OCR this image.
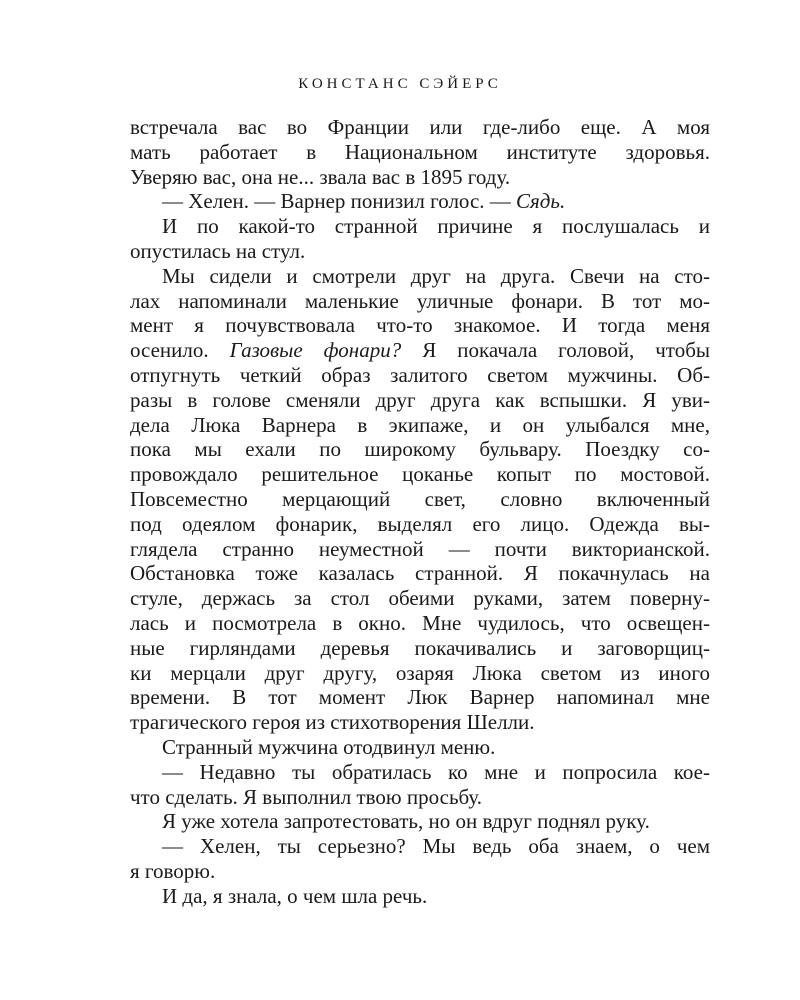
КОНСТАНС СЭЙЕРС
встречала вас во Франции или где-либо еще. А моя
мать работает в Национальном институте здоровья.
Уверяю вас, она не... звала вас в 1895 году.
— Хелен. — Варнер понизил голос. — Сядь.
И по какой-то странной причине я послушалась и
опустилась на стул.
Мы сидели и смотрели друг на друга. Свечи на сто-
лах напоминали маленькие уличные фонари. В тот мо-
мент я почувствовала что-то знакомое. И тогда меня
осенило. Газовые фонари? Я покачала головой, чтобы
отпугнуть четкий образ залитого светом мужчины. Об-
разы в голове сменяли друг друга как вспышки. Я уви-
дела Люка Варнера в экипаже, и он улыбался мне,
пока мы ехали по широкому бульвару. Поездку со-
провождало решительное цоканье копыт по мостовой.
Повсеместно мерцающий свет, словно включенный
под одеялом фонарик, выделял его лицо. Одежда вы-
глядела странно неуместной — почти викторианской.
Обстановка тоже казалась странной. Я покачнулась на
стуле, держась за стол обеими руками, затем поверну-
лась и посмотрела в окно. Мне чудилось, что освещен-
ные гирляндами деревья покачивались и заговорщиц-
ки мерцали друг другу, озаряя Люка светом из иного
времени. В тот момент Люк Варнер напоминал мне
трагического героя из стихотворения Шелли.
Странный мужчина отодвинул меню.
— Недавно ты обратилась ко мне и попросила кое-
что сделать. Я выполнил твою просьбу.
Я уже хотела запротестовать, но он вдруг поднял руку.
— Хелен, ты серьезно? Мы ведь оба знаем, о чем
я говорю.
И да, я знала, о чем шла речь.
